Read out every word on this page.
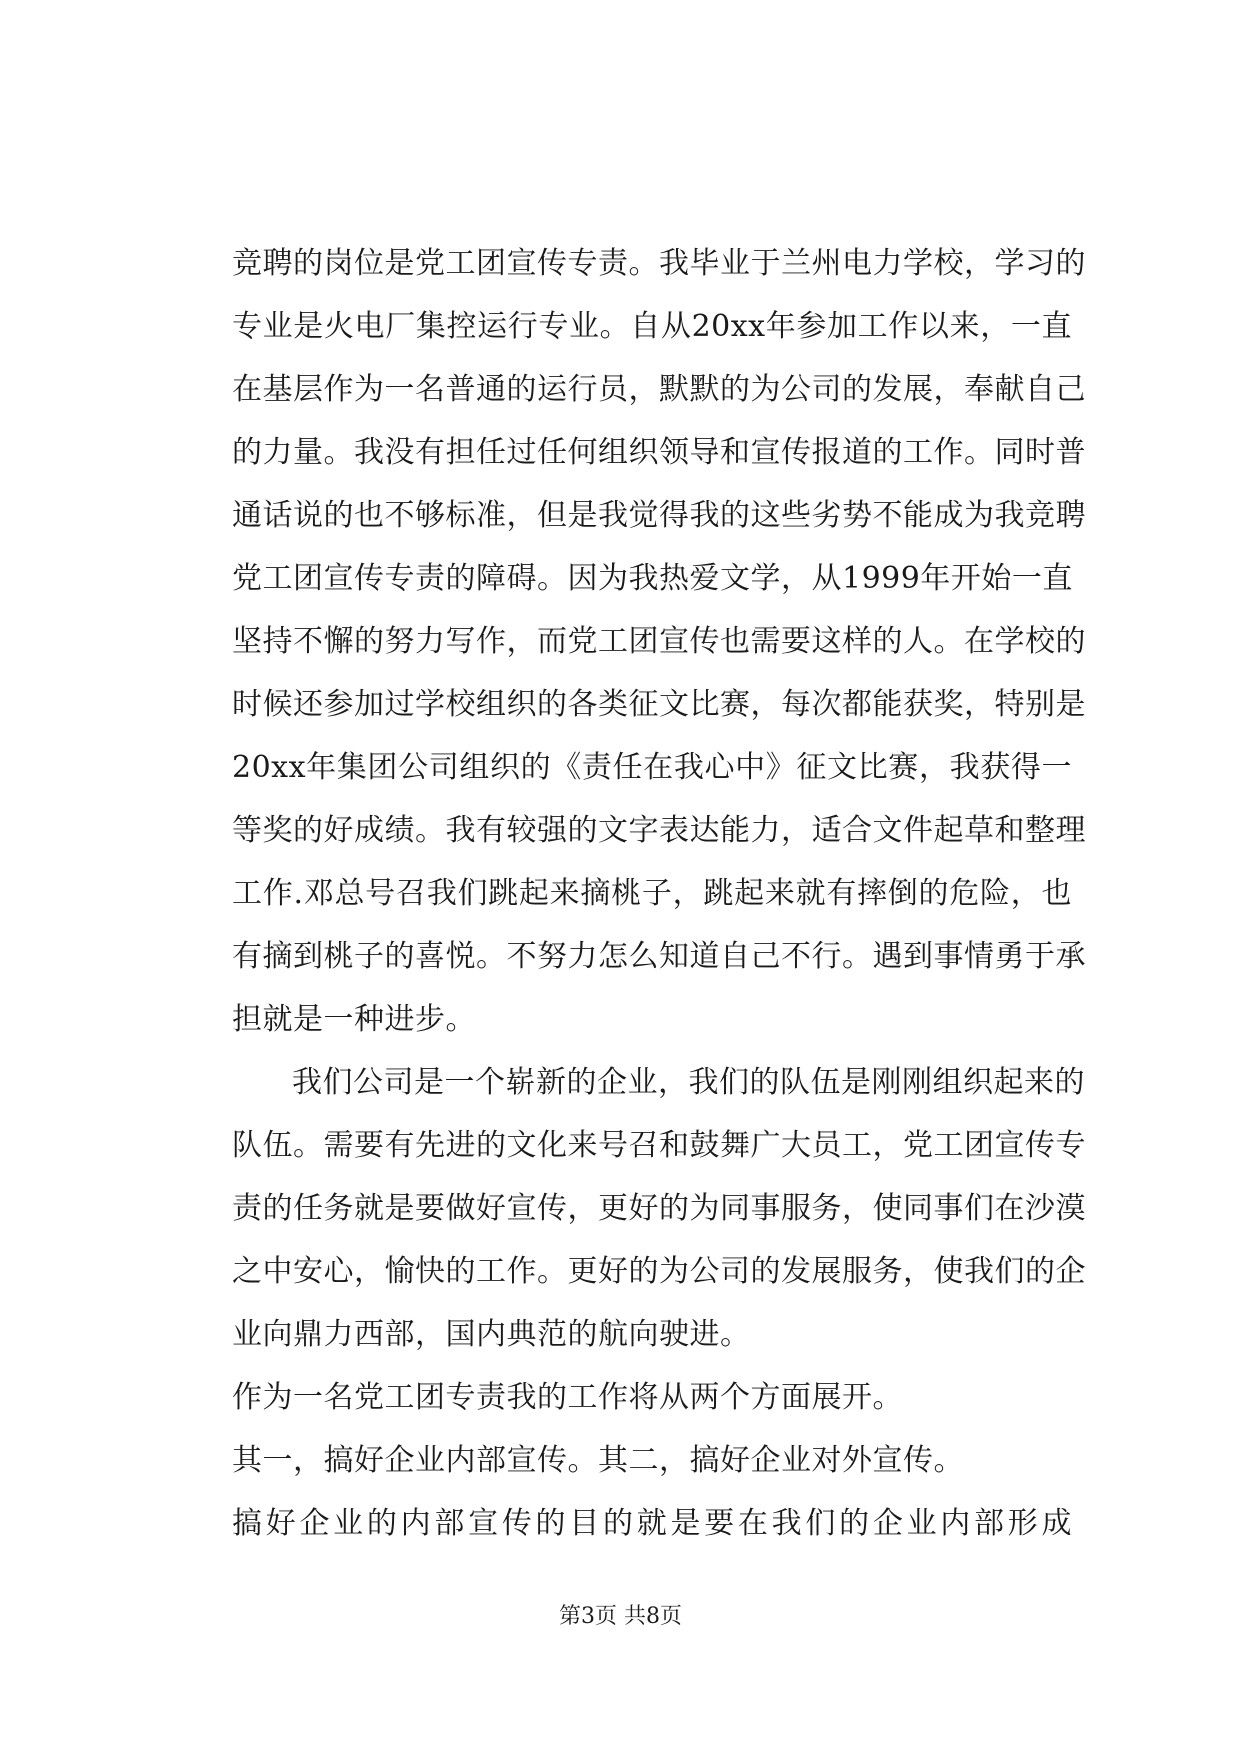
竞聘的岗位是党工团宣传专责。我毕业于兰州电力学校，学习的
专业是火电厂集控运行专业。自从20xx年参加工作以来，一直
在基层作为一名普通的运行员，默默的为公司的发展，奉献自己
的力量。我没有担任过任何组织领导和宣传报道的工作。同时普
通话说的也不够标准，但是我觉得我的这些劣势不能成为我竞聘
党工团宣传专责的障碍。因为我热爱文学，从1999年开始一直
坚持不懈的努力写作，而党工团宣传也需要这样的人。在学校的
时候还参加过学校组织的各类征文比赛，每次都能获奖，特别是
20xx年集团公司组织的《责任在我心中》征文比赛，我获得一
等奖的好成绩。我有较强的文字表达能力，适合文件起草和整理
工作.邓总号召我们跳起来摘桃子，跳起来就有摔倒的危险，也
有摘到桃子的喜悦。不努力怎么知道自己不行。遇到事情勇于承
担就是一种进步。
我们公司是一个崭新的企业，我们的队伍是刚刚组织起来的
队伍。需要有先进的文化来号召和鼓舞广大员工，党工团宣传专
责的任务就是要做好宣传，更好的为同事服务，使同事们在沙漠
之中安心，愉快的工作。更好的为公司的发展服务，使我们的企
业向鼎力西部，国内典范的航向驶进。
作为一名党工团专责我的工作将从两个方面展开。
其一，搞好企业内部宣传。其二，搞好企业对外宣传。
搞好企业的内部宣传的目的就是要在我们的企业内部形成
第3页 共8页
